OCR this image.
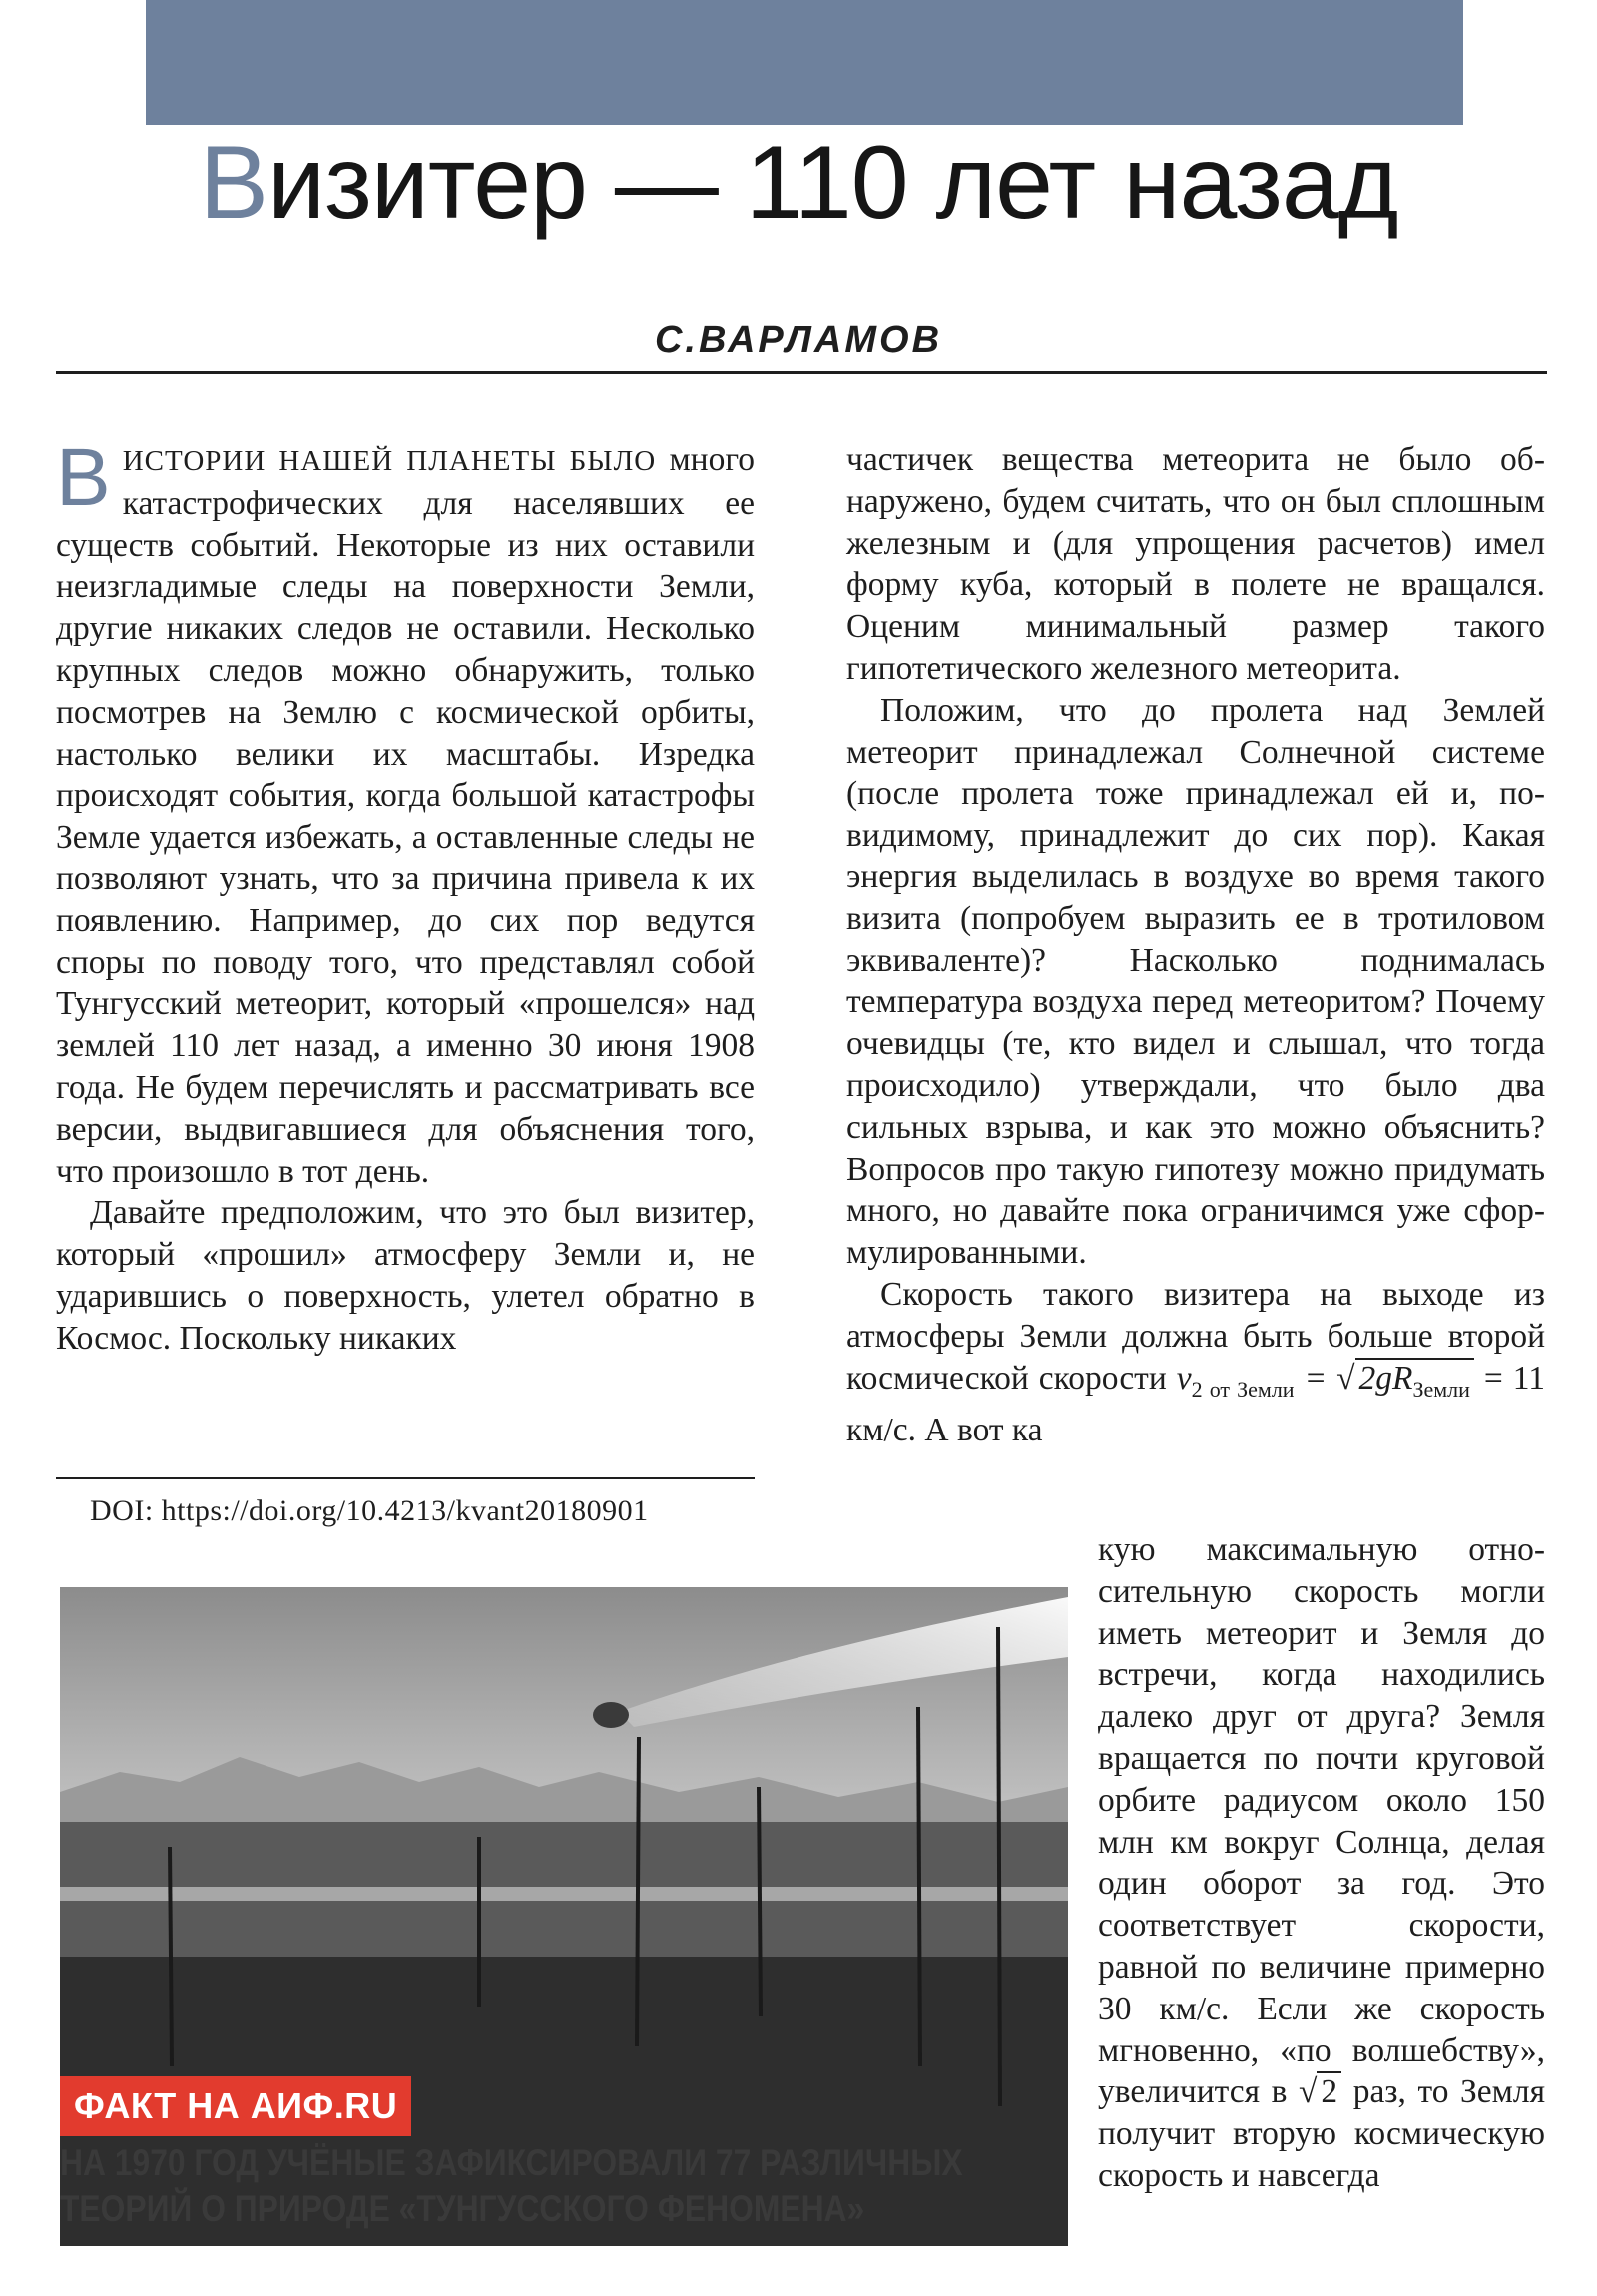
Визитер — 110 лет назад
С.ВАРЛАМОВ

ВИСТОРИИ НАШЕЙ ПЛАНЕТЫ БЫЛО много катастрофических для населявших ее существ событий. Некоторые из них оставили неизгладимые следы на поверхности Земли, другие никаких следов не оставили. Несколько крупных следов можно обнаружить, только посмотрев на Землю с космической орбиты, настолько велики их масштабы. Изредка происходят события, когда большой катастрофы Земле удается избежать, а оставленные следы не позволяют узнать, что за причина привела к их появлению. Например, до сих пор ведутся споры по поводу того, что представлял собой Тунгусский метеорит, который «прошелся» над землей 110 лет назад, а именно 30 июня 1908 года. Не будем перечислять и рассматривать все версии, выдвигавшиеся для объяснения того, что произошло в тот день.

Давайте предположим, что это был визитер, который «прошил» атмосферу Земли и, не ударившись о поверхность, улетел обратно в Космос. Поскольку никаких

DOI: https://doi.org/10.4213/kvant20180901

частичек вещества метеорита не было обнаружено, будем считать, что он был сплошным железным и (для упрощения расчетов) имел форму куба, который в полете не вращался. Оценим минимальный размер такого гипотетического железного метеорита.

Положим, что до пролета над Землей метеорит принадлежал Солнечной системе (после пролета тоже принадлежал ей и, по-видимому, принадлежит до сих пор). Какая энергия выделилась в воздухе во время такого визита (попробуем выразить ее в тротиловом эквиваленте)? Насколько поднималась температура воздуха перед метеоритом? Почему очевидцы (те, кто видел и слышал, что тогда происходило) утверждали, что было два сильных взрыва, и как это можно объяснить? Вопросов про такую гипотезу можно придумать много, но давайте пока ограничимся уже сформулированными.

Скорость такого визитера на выходе из атмосферы Земли должна быть больше второй космической скорости $v_{2 от Земли}$ = √ $2gR_{Земли} = 11$ км/с. А вот ка

кую максимальную относительную скорость могли иметь метеорит и Земля до встречи, когда находились далеко друг от друга? Земля вращается по почти круговой орбите радиусом около 150 млн км вокруг Солнца, делая один оборот за год. Это соответствует скорости, равной по величине примерно 30 км/с. Если же скорость мгновенно, «по волшебству», увеличится в √ 2 раз, то Земля получит вторую космическую скорость и навсегда

ФАКТ НА АИФ.RU
НА 1970 ГОД УЧЁНЫЕ ЗАФИКСИРОВАЛИ 77 РАЗЛИЧНЫХ ТЕОРИЙ О ПРИРОДЕ «ТУНГУССКОГО ФЕНОМЕНА»
